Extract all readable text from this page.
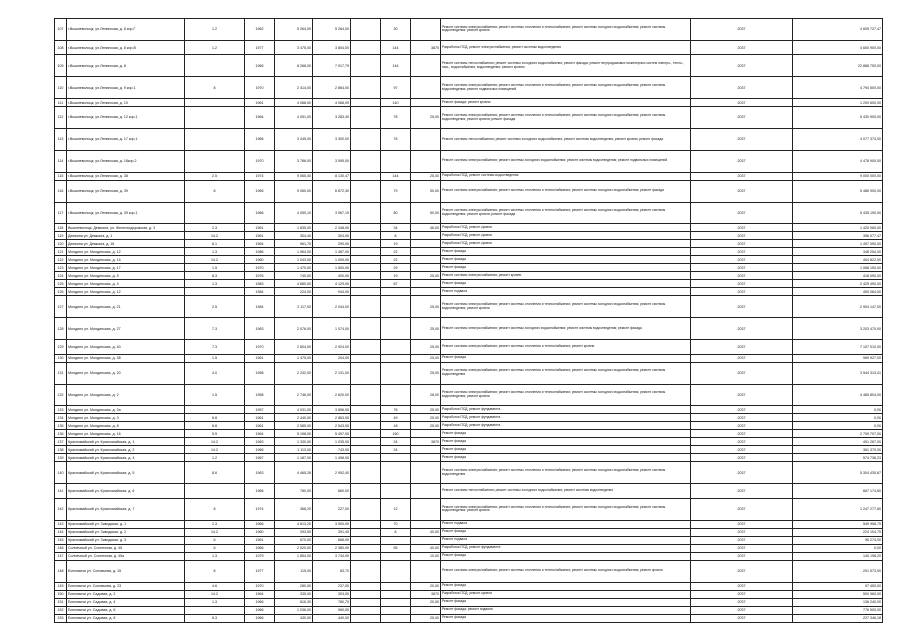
107	г.Вышневолоцк, ул.Ленинская, д. 8 кор.Г	1.2	1962	5 264,00	5 264,00		30		Ремонт системы электроснабжения; ремонт системы отопления и теплоснабжения; ремонт системы холодного водоснабжения; ремонт системы водоотведения; ремонт кровли	2037	4 605 727,47
108	г.Вышневолоцк, ул.Ленинская, д. 8 кор.В	1.2	1977	3 475,00	3 804,00		144	3870	Разработка ПСД; ремонт электроснабжения; ремонт системы водоотведения	2037	4 600 900,00
109	г.Вышневолоцк, ул.Ленинская, д. 8		1965	8 268,00	7 917,79		144		Ремонт системы теплоснабжения; ремонт системы холодного водоснабжения; ремонт фасада; ремонт внутридомовых инженерных систем электро-, тепло-, газо-, водоснабжения, водоотведения; ремонт кровли	2037	22 888 750,00
110	г.Вышневолоцк, ул.Ленинская, д. 9 кор.1	8	1970	2 414,00	2 864,00		97		Ремонт системы электроснабжения; ремонт системы отопления и теплоснабжения; ремонт системы холодного водоснабжения; ремонт системы водоотведения; ремонт подвальных помещений	2037	4 794 500,00
111	г.Вышневолоцк, ул.Ленинская, д. 10		1961	4 068,00	4 068,00		140		Ремонт фасада; ремонт кровли	2037	1 200 600,00
112	г.Вышневолоцк, ул.Ленинская, д. 12 кор.1		1964	4 051,00	3 283,40		78	25,00	Ремонт системы электроснабжения; ремонт системы отопления и теплоснабжения; ремонт системы холодного водоснабжения; ремонт системы водоотведения; ремонт кровли; ремонт фасада	2037	5 430 900,00
113	г.Вышневолоцк, ул.Ленинская, д. 17 кор.1		1966	3 445,00	3 300,00		76		Ремонт системы теплоснабжения; ремонт системы холодного водоснабжения; ремонт системы водоотведения; ремонт кровли; ремонт фасада	2037	4 077 374,00
114	г.Вышневолоцк, ул.Ленинская, д. 18кор.2		1970	3 786,00	3 595,00				Ремонт системы электроснабжения; ремонт системы холодного водоснабжения; ремонт системы водоотведения; ремонт подвальных помещений	2037	4 478 900,00
115	г.Вышневолоцк, ул.Ленинская, д. 38	2.5	1974	9 065,40	8 130,47		144	25,00	Разработка ПСД; ремонт системы водоотведения	2037	9 000 000,00
116	г.Вышневолоцк, ул.Ленинская, д. 39	8	1965	9 060,00	6 672,30		79	50,00	Ремонт системы электроснабжения; ремонт системы отопления и теплоснабжения; ремонт системы холодного водоснабжения; ремонт фасада	2037	5 486 900,00
117	г.Вышневолоцк, ул.Ленинская, д. 39 кор.1		1966	4 050,10	3 067,19		80	50,00	Ремонт системы электроснабжения; ремонт системы отопления и теплоснабжения; ремонт системы холодного водоснабжения; ремонт системы водоотведения; ремонт кровли; ремонт фасада	2037	5 435 190,00
118	Вышневолоцк, Демьяна, ул. Железнодорожная, д. 3	2.3	1961	1 835,00	2 348,00		34	46,00	Разработка ПСД; ремонт кровли	2037	1 420 060,00
119	Демьяна ул. Демьяна, д. 1	14.2	1961	304,40	304,00		8		Разработка ПСД; ремонт кровли	2037	396 077,47
120	Демьяна ул. Демьяна, д. 16	6.1	1964	961,70	290,00		19		Разработка ПСД; ремонт кровли	2037	1 497 090,00
121	Молдино ул. Молдинская, д. 12	1.3	1986	1 964,00	1 487,00		22		Ремонт фасада	2037	348 254,00
122	Молдино ул. Молдинская, д. 14	14.2	1960	1 043,00	1 009,00		22		Ремонт фасада	2037	404 822,00
123	Молдино ул. Молдинская, д. 17	1.5	1970	1 470,00	1 500,00		29		Ремонт фасада	2037	1 068 150,00
124	Молдино ул. Молдинская, д. 5	8.3	1976	740,00	400,00		19	25,00	Ремонт системы электроснабжения; ремонт кровли	2037	418 090,00
125	Молдино ул. Молдинская, д. 4	1.3	1983	4 680,00	4 129,00		87		Ремонт фасада	2037	2 425 490,00
126	Молдино ул. Молдинская, д. 12		1984	224,00	944,00				Ремонт подвала	2037	400 064,00
127	Молдино ул. Молдинская, д. 21	2.5	1984	2 117,00	2 044,00			25,00	Ремонт системы электроснабжения; ремонт системы отопления и теплоснабжения; ремонт системы холодного водоснабжения; ремонт системы водоотведения; ремонт кровли	2037	2 904 147,00
128	Молдино ул. Молдинская, д. 27	7.3	1983	2 076,00	1 074,00			25,00	Ремонт системы электроснабжения; ремонт системы холодного водоснабжения; ремонт системы водоотведения; ремонт фасада	2037	3 203 470,00
129	Молдино ул. Молдинская, д. 40	7.3	1970	2 804,00	2 924,00			25,00	Ремонт системы электроснабжения; ремонт системы отопления и теплоснабжения; ремонт кровли	2037	7 107 010,00
130	Молдино ул. Молдинская, д. 38	1.5	1961	1 475,00	204,00			25,00	Ремонт фасада	2037	969 927,00
131	Молдино ул. Молдинская, д. 20	4.0	1958	2 242,00	2 131,00			25,00	Ремонт системы электроснабжения; ремонт системы отопления и теплоснабжения; ремонт системы холодного водоснабжения; ремонт системы водоотведения	2037	3 544 313,41
132	Молдино ул. Молдинская, д. 2	1.5	1958	2 746,00	2 620,00			28,00	Ремонт системы электроснабжения; ремонт системы отопления и теплоснабжения; ремонт системы холодного водоснабжения; ремонт системы водоотведения; ремонт кровли	2037	4 485 804,00
133	Молдино ул. Молдинская, д. 2а		1957	4 031,00	3 896,00		76	25,00	Разработка ПСД; ремонт фундамента	2037	0,00
134	Молдино ул. Молдинская, д. 3	6.8	1961	2 440,00	2 863,00		49	25,00	Разработка ПСД; ремонт фундамента	2037	0,00
135	Молдино ул. Молдинская, д. 8	6.8	1961	2 585,00	2 543,00		18	25,00	Разработка ПСД; ремонт фундамента	2037	0,00
136	Молдино ул. Молдинская, д. 16	5.5	1964	5 198,00	5 497,00		160		Ремонт фасада	2037	2 709 707,00
137	Красномайский ул. Красномайская, д. 1	14.2	1963	1 330,00	1 035,00		24	3870	Ремонт фасада	2037	491 267,00
138	Красномайский ул. Красномайская, д. 2	14.2	1965	1 113,00	743,00		24		Ремонт фасада	2037	361 370,00
139	Красномайский ул. Красномайская, д. 4	1.2	1967	1 187,00	1 498,00				Ремонт фасада	2037	574 736,23
140	Красномайский ул. Красномайская, д. 5	8.6	1963	4 465,26	2 952,40				Ремонт системы электроснабжения; ремонт системы отопления и теплоснабжения; ремонт системы холодного водоснабжения; ремонт системы водоотведения	2037	5 304 430,67
141	Красномайский ул. Красномайская, д. 6		1966	780,00	660,00				Ремонт системы теплоснабжения; ремонт системы холодного водоснабжения; ремонт системы водоотведения	2037	667 174,60
142	Красномайский ул. Красномайская, д. 7	8	1974	368,20	227,00		12		Ремонт системы электроснабжения; ремонт системы отопления и теплоснабжения; ремонт системы холодного водоснабжения; ремонт системы водоотведения; ремонт кровли	2037	1 247 277,60
143	Красномайский ул. Заводская, д. 1	2.3	1966	4 613,20	3 900,00		70		Ремонт подвала	2037	549 958,75
144	Красномайский ул. Заводская, д. 2	14.2	1960	393,50	391,40		8	40,00	Ремонт фасада	2037	224 104,75
145	Красномайский ул. Заводская, д. 3	6	1961	670,00	668,00				Ремонт подвала	2037	96 274,00
146	Солнечный ул. Солнечная, д. 45	6	1966	2 520,00	2 380,00		55	40,00	Разработка ПСД; ремонт фундамента	2037	0,00
147	Солнечный ул. Солнечная, д. 45а	1.3	1979	1 854,00	3 744,00			10,00	Ремонт фасада	2037	145 198,20
148	Есеновичи ул. Соловьева, д. 15	8	1977	115,00	83,70				Ремонт системы электроснабжения; ремонт системы отопления и теплоснабжения; ремонт системы холодного водоснабжения; ремонт кровли	2037	201 573,00
149	Есеновичи ул. Соловьева, д. 23	4.6	1970	280,00	237,00			20,00	Ремонт фасада	2037	97 450,00
150	Есеновичи ул. Садовая, д. 2	14.2	1964	335,00	303,00			3870	Разработка ПСД; ремонт кровли	2037	500 960,00
151	Есеновичи ул. Садовая, д. 4	1.3	1966	816,30	780,70			20,00	Ремонт фасада	2037	136 240,00
152	Есеновичи ул. Садовая, д. 6		1966	1 036,00	960,00				Ремонт фасада; ремонт подвала	2037	776 500,00
153	Есеновичи ул. Садовая, д. 8	6.3	1966	430,00	440,00			25,00	Ремонт фасада	2037	227 346,18
